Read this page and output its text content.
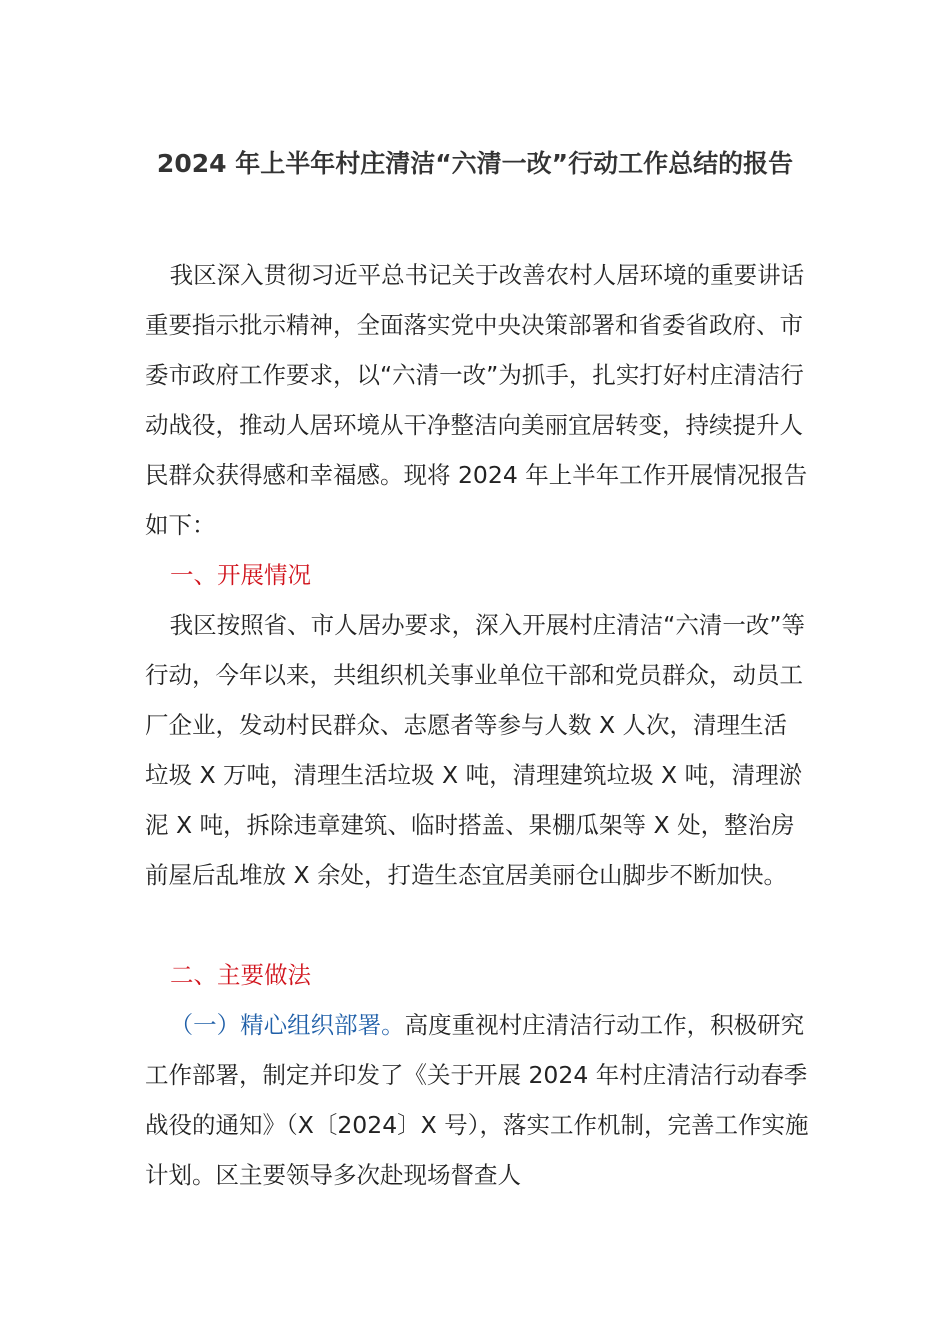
2024 年上半年村庄清洁“六清一改”行动工作总结的报告

我区深入贯彻习近平总书记关于改善农村人居环境的重要讲话重要指示批示精神，全面落实党中央决策部署和省委省政府、市委市政府工作要求，以“六清一改”为抓手，扎实打好村庄清洁行动战役，推动人居环境从干净整洁向美丽宜居转变，持续提升人民群众获得感和幸福感。现将 2024 年上半年工作开展情况报告如下：

一、开展情况

我区按照省、市人居办要求，深入开展村庄清洁“六清一改”等行动，今年以来，共组织机关事业单位干部和党员群众，动员工厂企业，发动村民群众、志愿者等参与人数 X 人次，清理生活垃圾 X 万吨，清理生活垃圾 X 吨，清理建筑垃圾 X 吨，清理淤泥 X 吨，拆除违章建筑、临时搭盖、果棚瓜架等 X 处，整治房前屋后乱堆放 X 余处，打造生态宜居美丽仓山脚步不断加快。

二、主要做法

（一）精心组织部署。高度重视村庄清洁行动工作，积极研究工作部署，制定并印发了《关于开展 2024 年村庄清洁行动春季战役的通知》（X〔2024〕X 号），落实工作机制，完善工作实施计划。区主要领导多次赴现场督查人
